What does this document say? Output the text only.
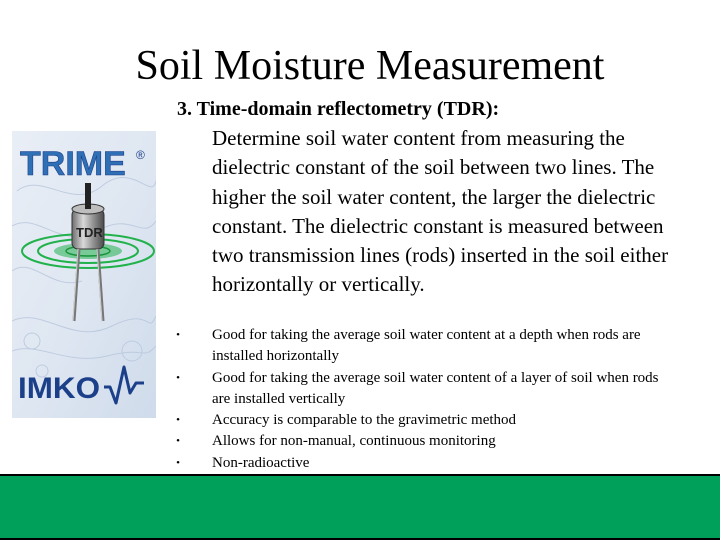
Soil Moisture Measurement
TRIME ®
TDR
IMKO
3. Time-domain reflectometry (TDR):
Determine soil water content from measuring the dielectric constant of the soil between two lines. The higher the soil water content, the larger the dielectric constant. The dielectric constant is measured between two transmission lines (rods) inserted in the soil either horizontally or vertically.
• Good for taking the average soil water content at a depth when rods are installed horizontally
• Good for taking the average soil water content of a layer of soil when rods are installed vertically
• Accuracy is comparable to the gravimetric method
• Allows for non-manual, continuous monitoring
• Non-radioactive
